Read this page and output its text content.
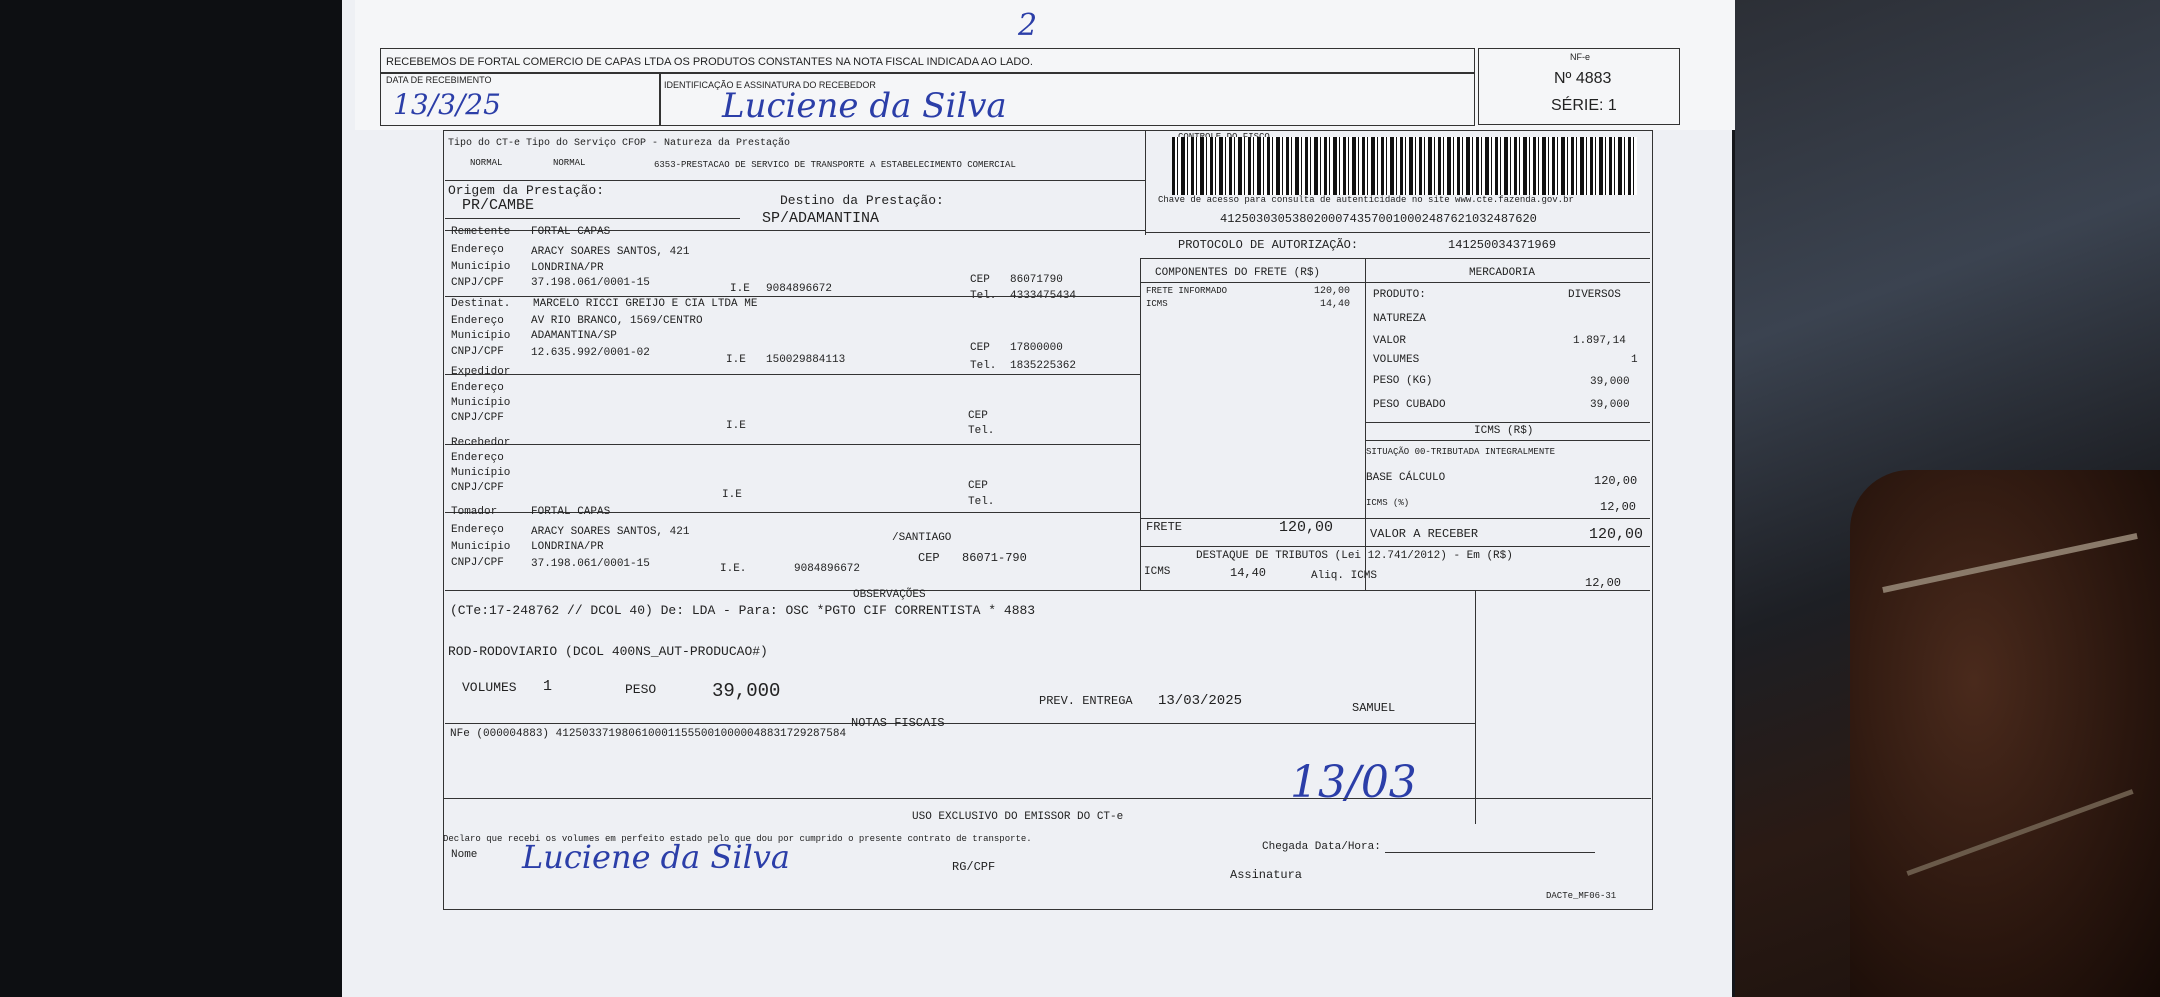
2
RECEBEMOS DE FORTAL COMERCIO DE CAPAS LTDA OS PRODUTOS CONSTANTES NA NOTA FISCAL INDICADA AO LADO.
DATA DE RECEBIMENTO
13/3/25
IDENTIFICAÇÃO E ASSINATURA DO RECEBEDOR
Luciene da Silva
NF-e
Nº 4883
SÉRIE: 1
Tipo do CT-e Tipo do Serviço CFOP - Natureza da Prestação
NORMAL	NORMAL	6353-PRESTACAO DE SERVICO DE TRANSPORTE A ESTABELECIMENTO COMERCIAL
Chave de acesso para consulta de autenticidade no site www.cte.fazenda.gov.br
41250303053802000743570010002487621032487620
PROTOCOLO DE AUTORIZAÇÃO:	141250034371969
Origem da Prestação:
PR/CAMBE	Destino da Prestação:
SP/ADAMANTINA
Remetente FORTAL CAPAS
Endereço ARACY SOARES SANTOS, 421
Município LONDRINA/PR
CNPJ/CPF 37.198.061/0001-15	I.E 9084896672
CEP 86071790
Tel. 4333475434
Destinat. MARCELO RICCI GREIJO E CIA LTDA ME
Endereço AV RIO BRANCO, 1569/CENTRO
Município ADAMANTINA/SP
CNPJ/CPF 12.635.992/0001-02
I.E 150029884113
CEP 17800000
Tel. 1835225362
Expedidor
Endereço
Município
CNPJ/CPF
I.E
CEP
Tel.
Recebedor
Endereço
Município
CNPJ/CPF
I.E
CEP
Tel.
Tomador	FORTAL CAPAS
Endereço ARACY SOARES SANTOS, 421	/SANTIAGO
Município LONDRINA/PR
CEP 86071-790
CNPJ/CPF 37.198.061/0001-15	I.E.	9084896672
COMPONENTES DO FRETE (R$)
FRETE INFORMADO	120,00
ICMS	14,40
FRETE	120,00
MERCADORIA
PRODUTO:	DIVERSOS
NATUREZA
VALOR	1.897,14
VOLUMES	1
PESO (KG)	39,000
PESO CUBADO	39,000
ICMS (R$)
SITUAÇÃO 00-TRIBUTADA INTEGRALMENTE
BASE CÁLCULO	120,00
ICMS (%)	12,00
VALOR A RECEBER	120,00
DESTAQUE DE TRIBUTOS (Lei 12.741/2012) - Em (R$)
ICMS	14,40	Aliq. ICMS	12,00
OBSERVAÇÕES
(CTe:17-248762 // DCOL 40) De: LDA - Para: OSC *PGTO CIF CORRENTISTA * 4883
ROD-RODOVIARIO (DCOL 400NS_AUT-PRODUCAO#)
VOLUMES 1	PESO	39,000	PREV. ENTREGA 13/03/2025	SAMUEL
NOTAS FISCAIS
NFe (000004883) 41250337198061000115550010000048831729287584
13/03
USO EXCLUSIVO DO EMISSOR DO CT-e
Declaro que recebi os volumes em perfeito estado pelo que dou por cumprido o presente contrato de transporte.
Chegada Data/Hora:
Nome Luciene da Silva	RG/CPF
Assinatura
DACTe_MF06-31
